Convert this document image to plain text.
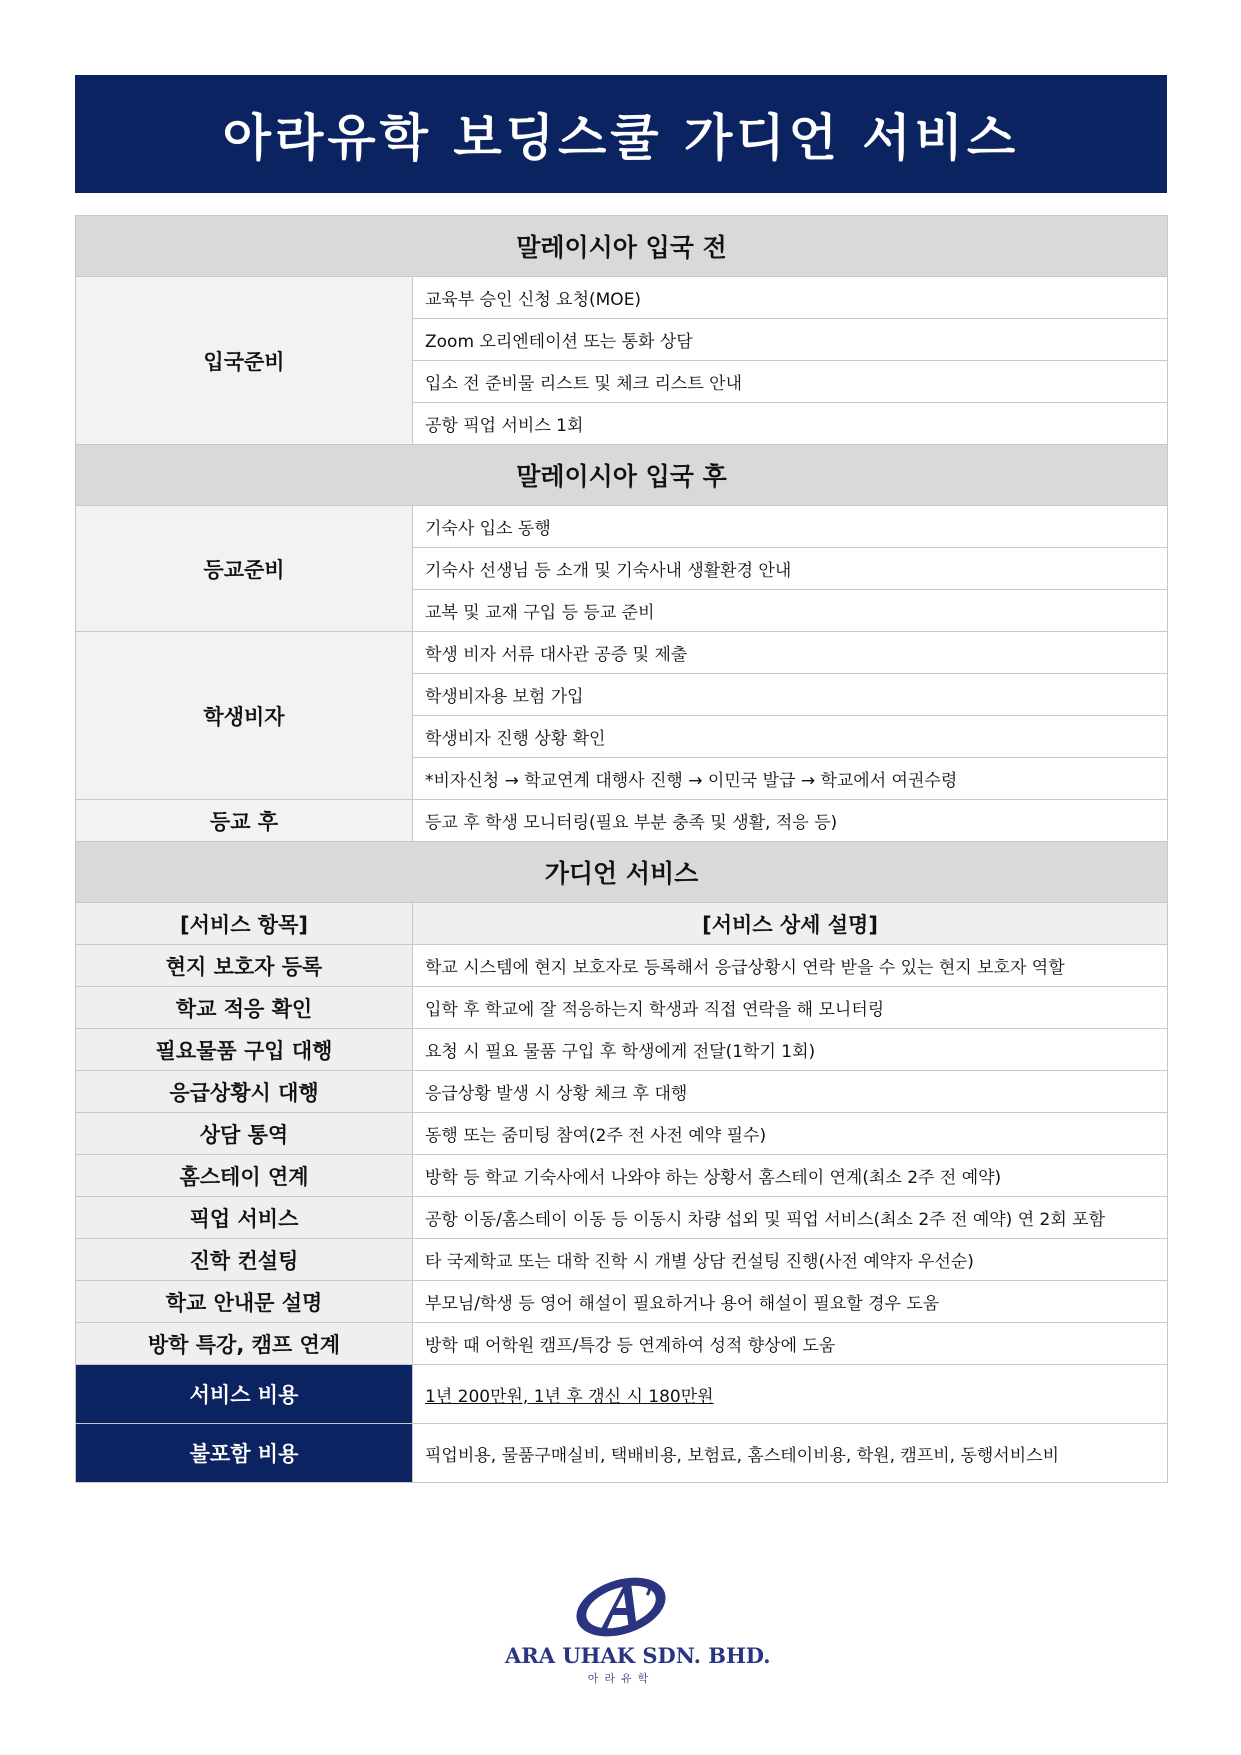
아라유학 보딩스쿨 가디언 서비스
말레이시아 입국 전	
입국준비	교육부 승인 신청 요청(MOE)
	Zoom 오리엔테이션 또는 통화 상담
	입소 전 준비물 리스트 및 체크 리스트 안내
	공항 픽업 서비스 1회
말레이시아 입국 후	
등교준비	기숙사 입소 동행
	기숙사 선생님 등 소개 및 기숙사내 생활환경 안내
	교복 및 교재 구입 등 등교 준비
학생비자	학생 비자 서류 대사관 공증 및 제출
	학생비자용 보험 가입
	학생비자 진행 상황 확인
	*비자신청 → 학교연계 대행사 진행 → 이민국 발급 → 학교에서 여권수령
등교 후	등교 후 학생 모니터링(필요 부분 충족 및 생활, 적응 등)
가디언 서비스	
[서비스 항목]	[서비스 상세 설명]
현지 보호자 등록	학교 시스템에 현지 보호자로 등록해서 응급상황시 연락 받을 수 있는 현지 보호자 역할
학교 적응 확인	입학 후 학교에 잘 적응하는지 학생과 직접 연락을 해 모니터링
필요물품 구입 대행	요청 시 필요 물품 구입 후 학생에게 전달(1학기 1회)
응급상황시 대행	응급상황 발생 시 상황 체크 후 대행
상담 통역	동행 또는 줌미팅 참여(2주 전 사전 예약 필수)
홈스테이 연계	방학 등 학교 기숙사에서 나와야 하는 상황서 홈스테이 연계(최소 2주 전 예약)
픽업 서비스	공항 이동/홈스테이 이동 등 이동시 차량 섭외 및 픽업 서비스(최소 2주 전 예약) 연 2회 포함
진학 컨설팅	타 국제학교 또는 대학 진학 시 개별 상담 컨설팅 진행(사전 예약자 우선순)
학교 안내문 설명	부모님/학생 등 영어 해설이 필요하거나 용어 해설이 필요할 경우 도움
방학 특강, 캠프 연계	방학 때 어학원 캠프/특강 등 연계하여 성적 향상에 도움
서비스 비용	1년 200만원, 1년 후 갱신 시 180만원
불포함 비용	픽업비용, 물품구매실비, 택배비용, 보험료, 홈스테이비용, 학원, 캠프비, 동행서비스비
ARA UHAK SDN. BHD.
아라유학
